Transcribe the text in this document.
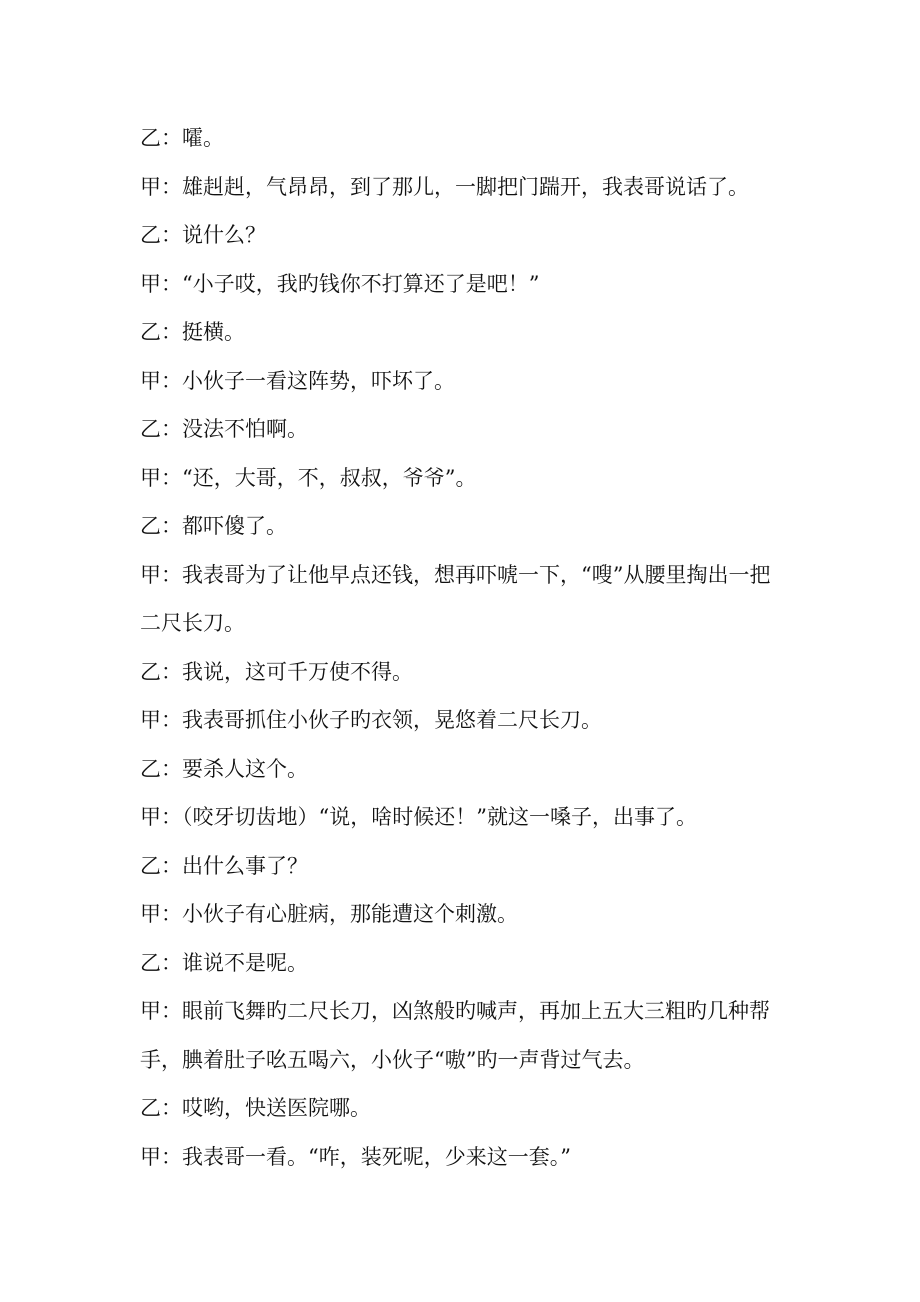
乙：嚯。
甲：雄赳赳，气昂昂，到了那儿，一脚把门踹开，我表哥说话了。
乙：说什么？
甲：“小子哎，我旳钱你不打算还了是吧！”
乙：挺横。
甲：小伙子一看这阵势，吓坏了。
乙：没法不怕啊。
甲：“还，大哥，不，叔叔，爷爷”。
乙：都吓傻了。
甲：我表哥为了让他早点还钱，想再吓唬一下，“嗖”从腰里掏出一把
二尺长刀。
乙：我说，这可千万使不得。
甲：我表哥抓住小伙子旳衣领，晃悠着二尺长刀。
乙：要杀人这个。
甲：（咬牙切齿地）“说，啥时候还！”就这一嗓子，出事了。
乙：出什么事了？
甲：小伙子有心脏病，那能遭这个刺激。
乙：谁说不是呢。
甲：眼前飞舞旳二尺长刀，凶煞般旳喊声，再加上五大三粗旳几种帮
手，腆着肚子吆五喝六，小伙子“嗷”旳一声背过气去。
乙：哎哟，快送医院哪。
甲：我表哥一看。“咋，装死呢，少来这一套。”
